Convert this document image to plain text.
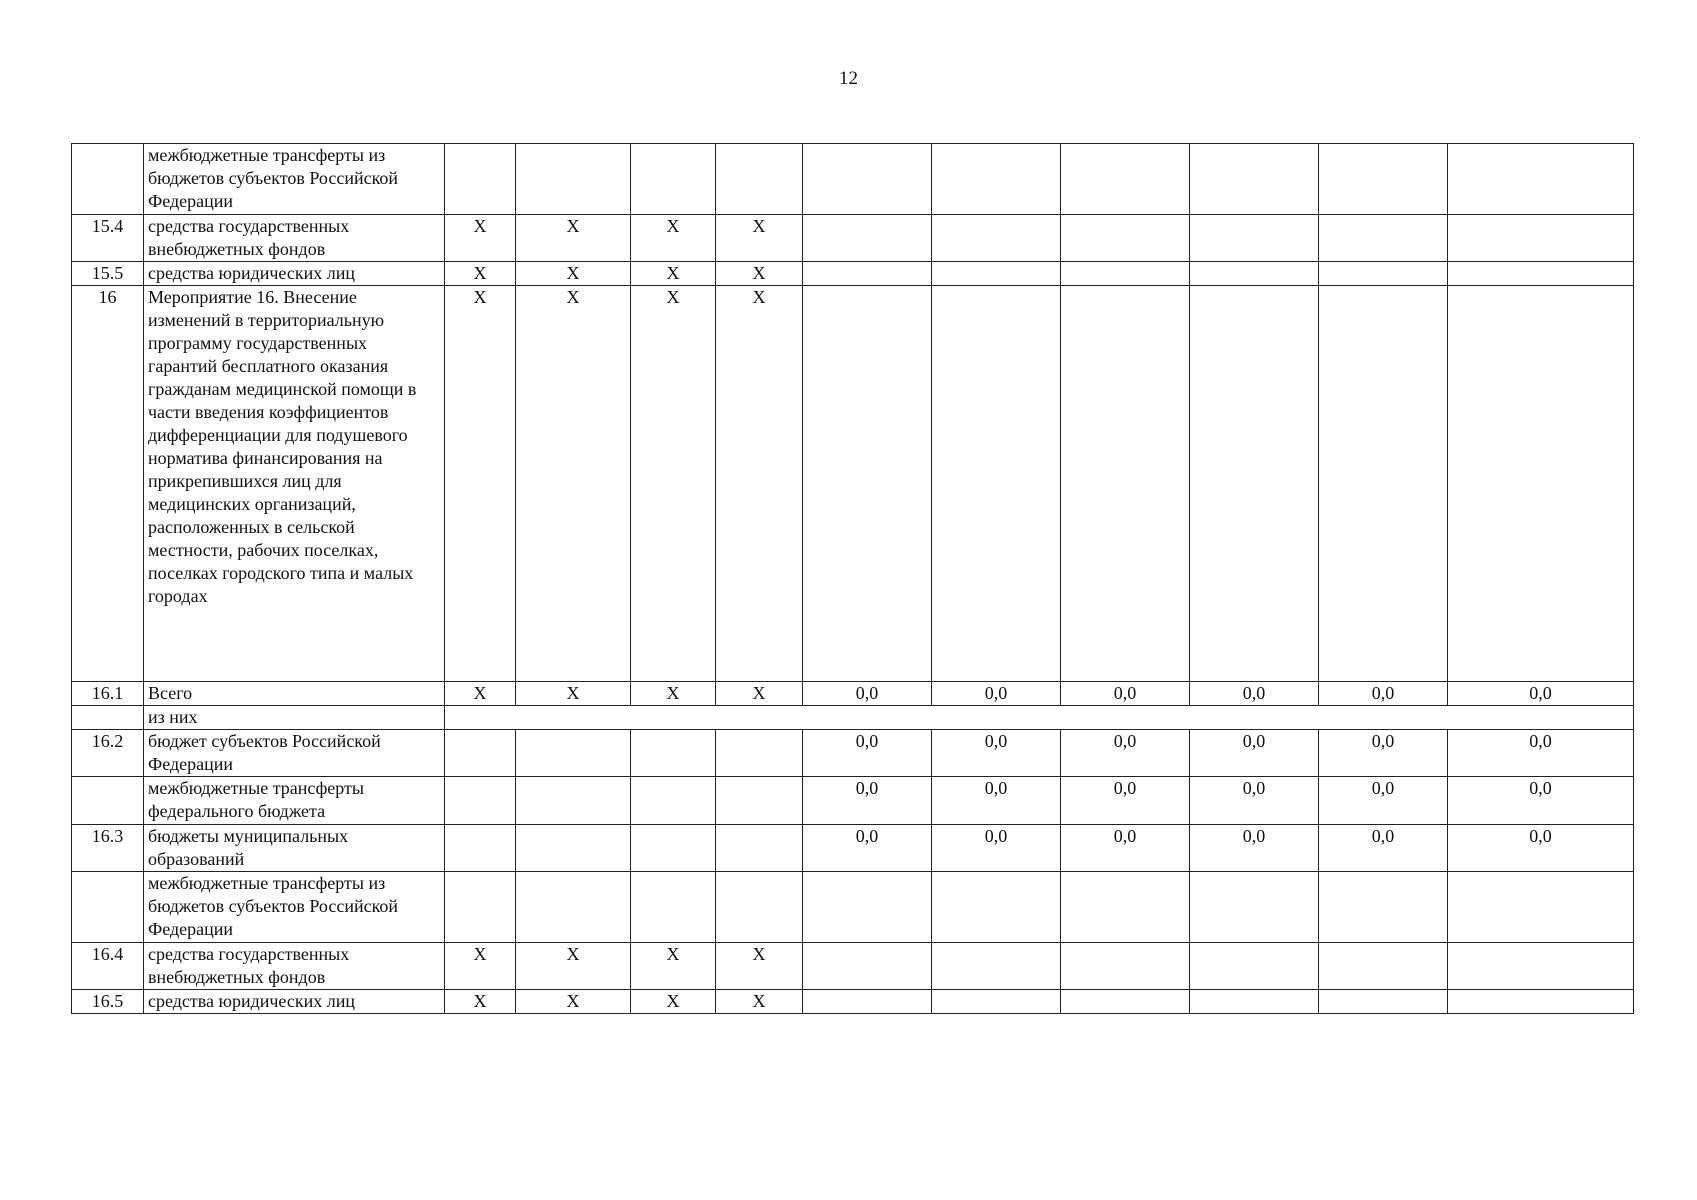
12
	межбюджетные трансферты из бюджетов субъектов Российской Федерации										
15.4	средства государственных внебюджетных фондов	X	X	X	X						
15.5	средства юридических лиц	X	X	X	X						
16	Мероприятие 16. Внесение изменений в территориальную программу государственных гарантий бесплатного оказания гражданам медицинской помощи в части введения коэффициентов дифференциации для подушевого норматива финансирования на прикрепившихся лиц для медицинских организаций, расположенных в сельской местности, рабочих поселках, поселках городского типа и малых городах	X	X	X	X						
16.1	Всего	X	X	X	X	0,0	0,0	0,0	0,0	0,0	0,0
	из них										
16.2	бюджет субъектов Российской Федерации					0,0	0,0	0,0	0,0	0,0	0,0
	межбюджетные трансферты федерального бюджета					0,0	0,0	0,0	0,0	0,0	0,0
16.3	бюджеты муниципальных образований					0,0	0,0	0,0	0,0	0,0	0,0
	межбюджетные трансферты из бюджетов субъектов Российской Федерации										
16.4	средства государственных внебюджетных фондов	X	X	X	X						
16.5	средства юридических лиц	X	X	X	X						
